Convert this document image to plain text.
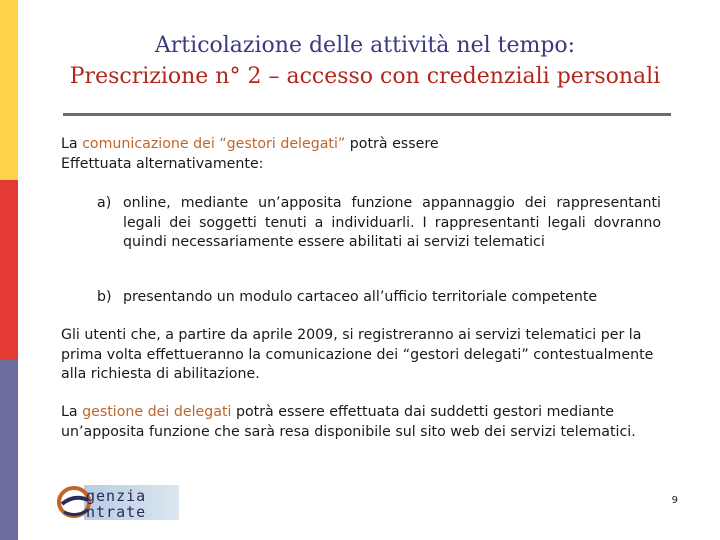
Articolazione delle attività nel tempo:
Prescrizione n° 2 – accesso con credenziali personali

La comunicazione dei “gestori delegati” potrà essere
Effettuata alternativamente:

a) online, mediante un’apposita funzione appannaggio dei rappresentanti legali dei soggetti tenuti a individuarli. I rappresentanti legali dovranno quindi necessariamente essere abilitati ai servizi telematici
b) presentando un modulo cartaceo all’ufficio territoriale competente
Gli utenti che, a partire da aprile 2009, si registreranno ai servizi telematici per la prima volta effettueranno la comunicazione dei “gestori delegati” contestualmente alla richiesta di abilitazione.
La gestione dei delegati potrà essere effettuata dai suddetti gestori mediante un’apposita funzione che sarà resa disponibile sul sito web dei servizi telematici.
genzia
ntrate
9
